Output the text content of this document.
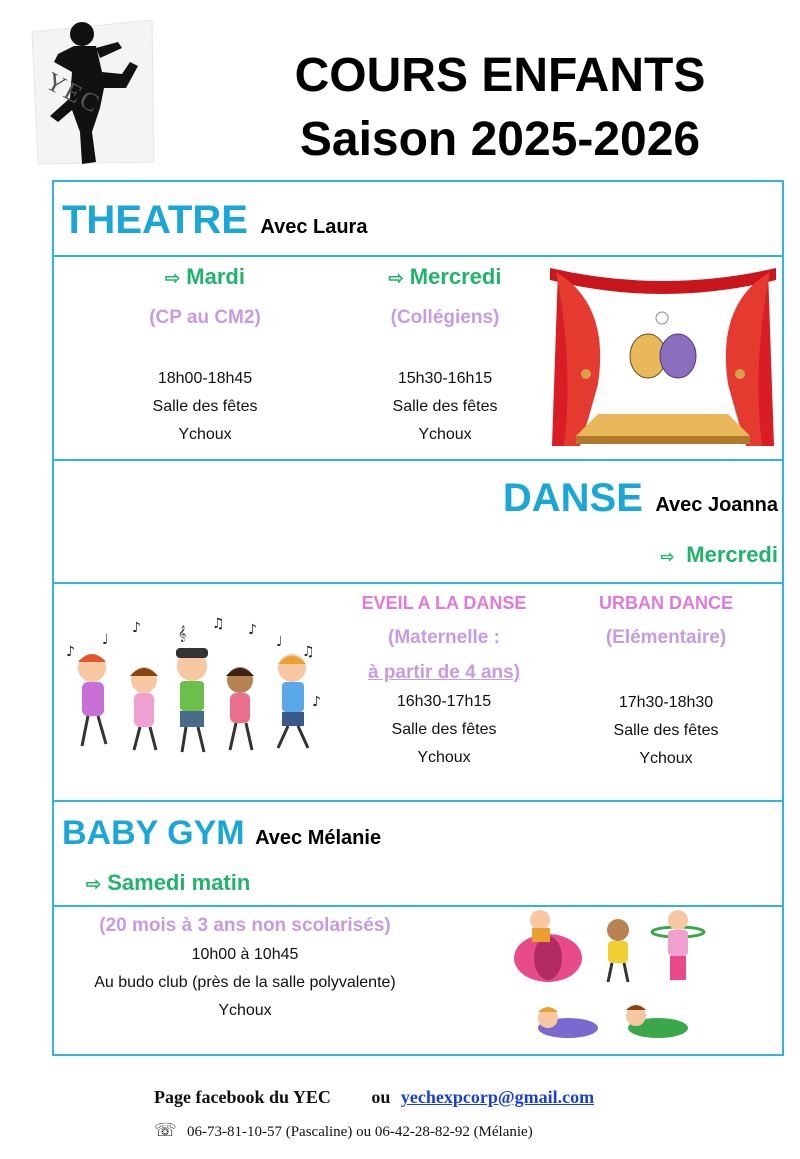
YEC	COURS ENFANTS
Saison 2025-2026
THEATRE Avec Laura
⇨ Mardi
(CP au CM2)
18h00-18h45
Salle des fêtes
Ychoux
⇨ Mercredi
(Collégiens)
15h30-16h15
Salle des fêtes
Ychoux
DANSE Avec Joanna
⇨ Mercredi
♪	𝄞
♫ ♪
♩
♫
♪
♩
♪
EVEIL A LA DANSE
(Maternelle :
à partir de 4 ans)
16h30-17h15
Salle des fêtes
Ychoux
URBAN DANCE
(Elémentaire)
17h30-18h30
Salle des fêtes
Ychoux
BABY GYM Avec Mélanie
⇨ Samedi matin
(20 mois à 3 ans non scolarisés)
10h00 à 10h45
Au budo club (près de la salle polyvalente)
Ychoux
Page facebook du YEC ou yechexpcorp@gmail.com
☏ 06-73-81-10-57 (Pascaline) ou 06-42-28-82-92 (Mélanie)
